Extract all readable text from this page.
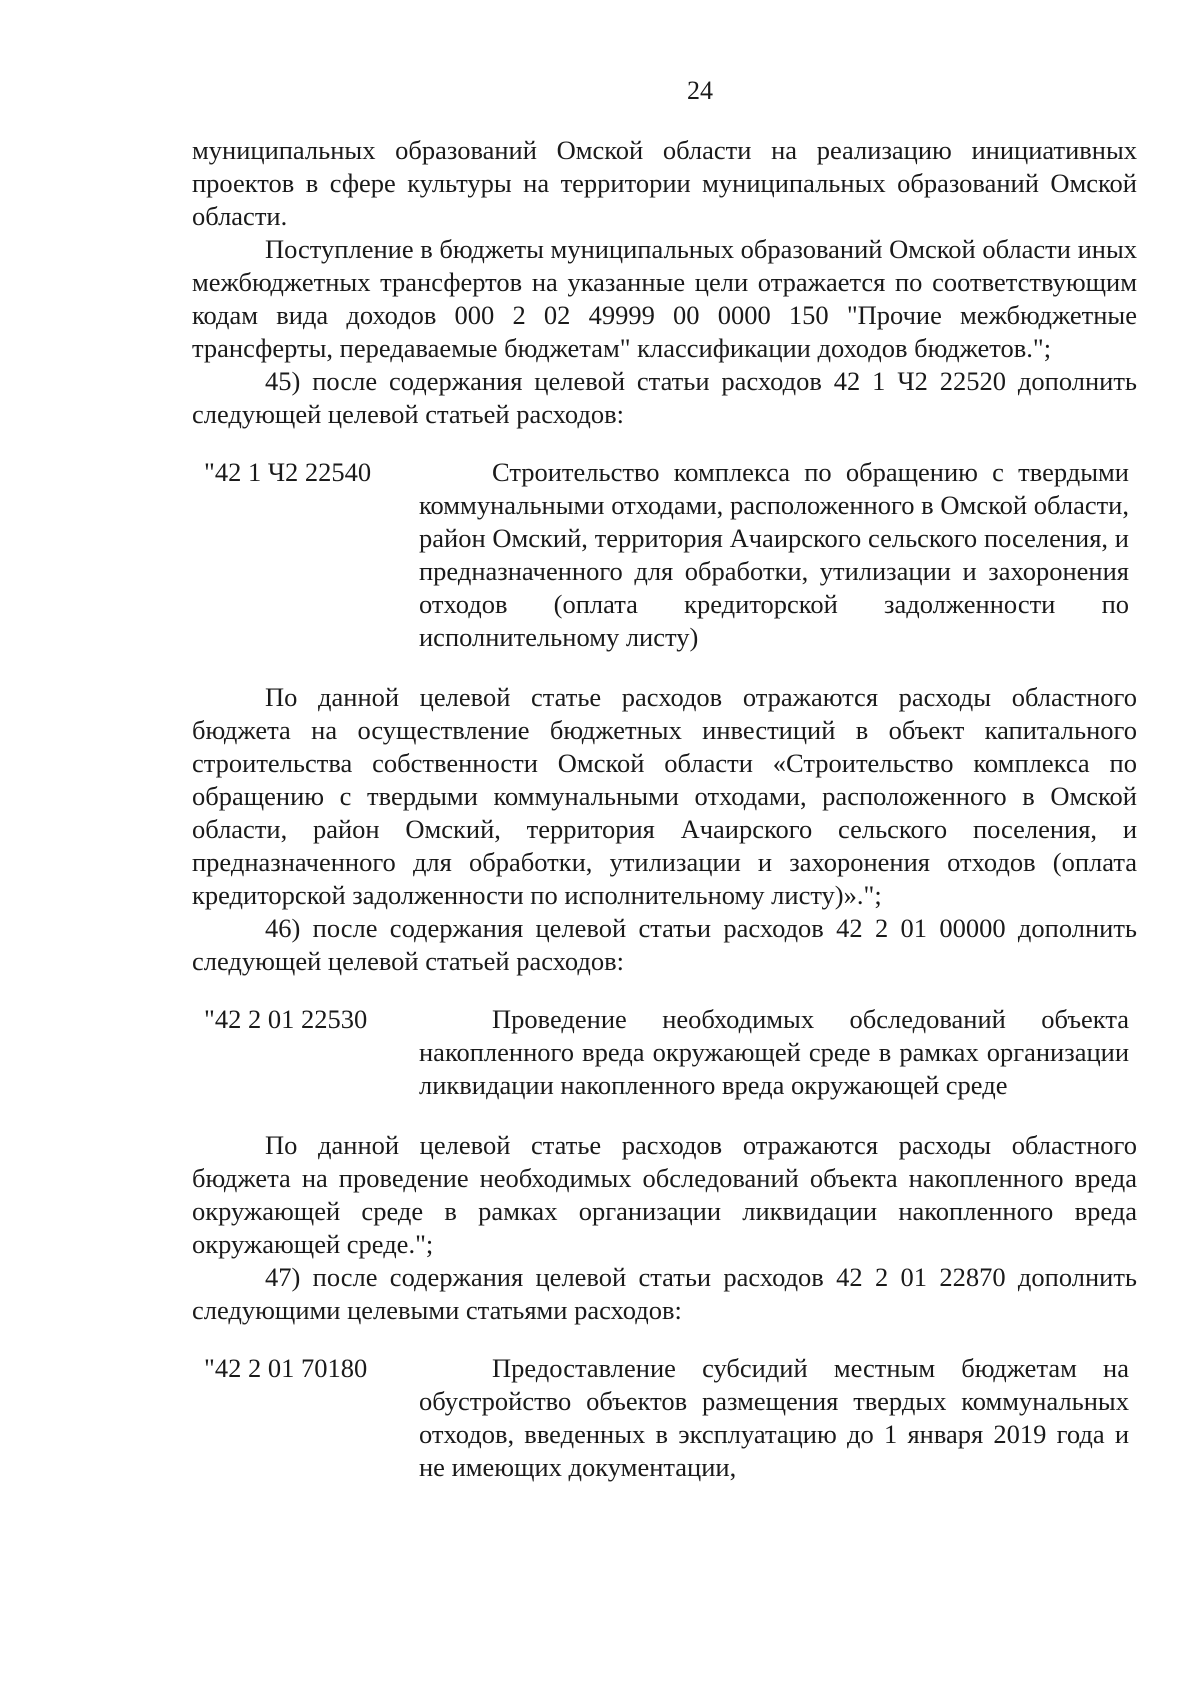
24

муниципальных образований Омской области на реализацию инициативных проектов в сфере культуры на территории муниципальных образований Омской области.

Поступление в бюджеты муниципальных образований Омской области иных межбюджетных трансфертов на указанные цели отражается по соответствующим кодам вида доходов 000 2 02 49999 00 0000 150 "Прочие межбюджетные трансферты, передаваемые бюджетам" классификации доходов бюджетов.";

45) после содержания целевой статьи расходов 42 1 Ч2 22520 дополнить следующей целевой статьей расходов:

"42 1 Ч2 22540	Строительство комплекса по обращению с твердыми коммунальными отходами, расположенного в Омской области, район Омский, территория Ачаирского сельского поселения, и предназначенного для обработки, утилизации и захоронения отходов (оплата кредиторской задолженности по исполнительному листу)

По данной целевой статье расходов отражаются расходы областного бюджета на осуществление бюджетных инвестиций в объект капитального строительства собственности Омской области «Строительство комплекса по обращению с твердыми коммунальными отходами, расположенного в Омской области, район Омский, территория Ачаирского сельского поселения, и предназначенного для обработки, утилизации и захоронения отходов (оплата кредиторской задолженности по исполнительному листу)».";

46) после содержания целевой статьи расходов 42 2 01 00000 дополнить следующей целевой статьей расходов:

"42 2 01 22530	Проведение необходимых обследований объекта накопленного вреда окружающей среде в рамках организации ликвидации накопленного вреда окружающей среде

По данной целевой статье расходов отражаются расходы областного бюджета на проведение необходимых обследований объекта накопленного вреда окружающей среде в рамках организации ликвидации накопленного вреда окружающей среде.";

47) после содержания целевой статьи расходов 42 2 01 22870 дополнить следующими целевыми статьями расходов:

"42 2 01 70180	Предоставление субсидий местным бюджетам на обустройство объектов размещения твердых коммунальных отходов, введенных в эксплуатацию до 1 января 2019 года и не имеющих документации,
